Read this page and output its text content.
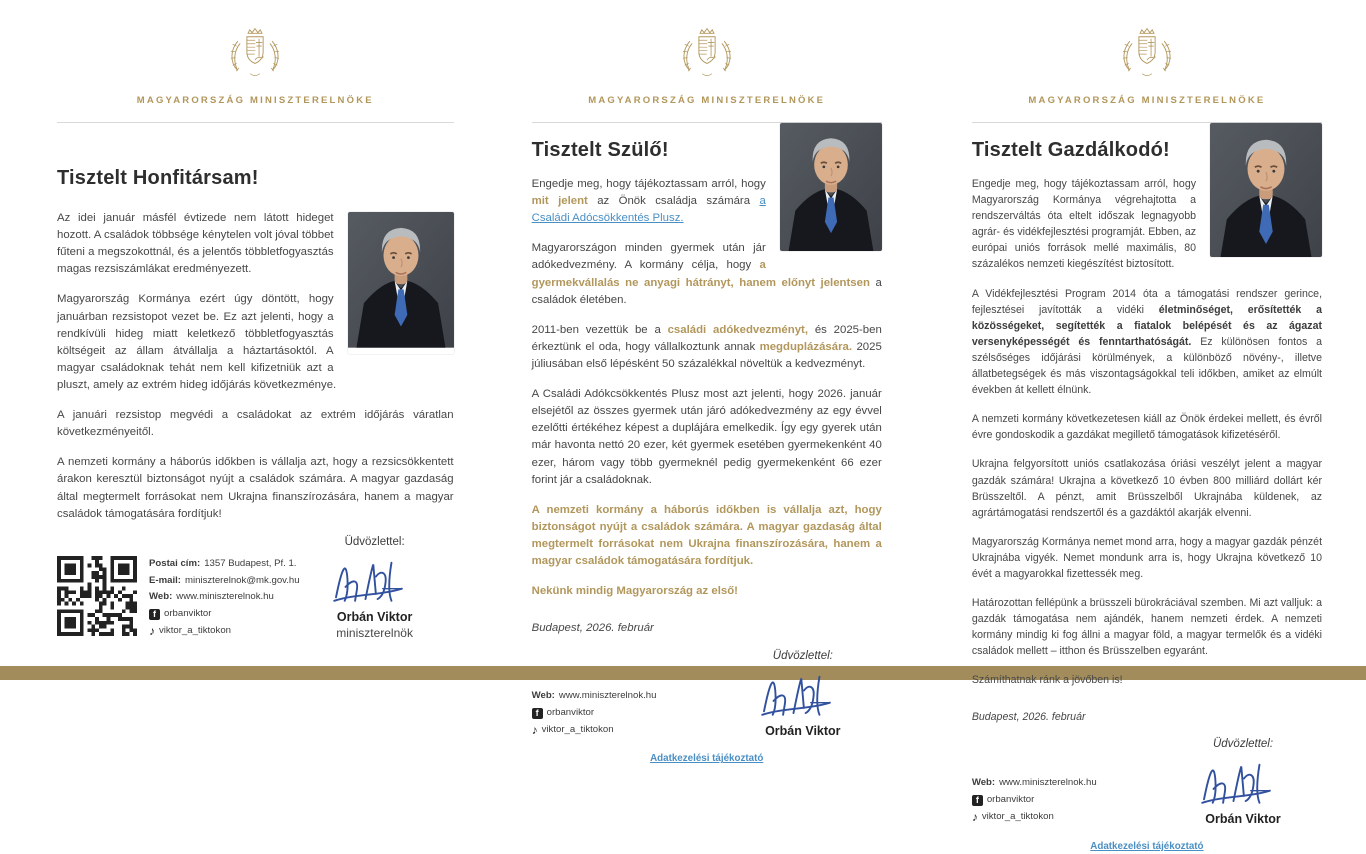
MAGYARORSZÁG MINISZTERELNÖKE
Tisztelt Honfitársam!

Az idei január másfél évtizede nem látott hideget hozott. A családok többsége kénytelen volt jóval többet fűteni a megszokottnál, és a jelentős többletfogyasztás magas rezsiszámlákat eredményezett.

Magyarország Kormánya ezért úgy döntött, hogy januárban rezsistopot vezet be. Ez azt jelenti, hogy a rendkívüli hideg miatt keletkező többletfogyasztás költségeit az állam átvállalja a háztartásoktól. A magyar családoknak tehát nem kell kifizetniük azt a pluszt, amely az extrém hideg időjárás következménye.

A januári rezsistop megvédi a családokat az extrém időjárás váratlan következményeitől.

A nemzeti kormány a háborús időkben is vállalja azt, hogy a rezsicsökkentett árakon keresztül biztonságot nyújt a családok számára. A magyar gazdaság által megtermelt forrásokat nem Ukrajna finanszírozására, hanem a magyar családok támogatására fordítjuk!

Postai cím: 1357 Budapest, Pf. 1.
E-mail: miniszterelnok@mk.gov.hu
Web: www.miniszterelnok.hu
f orbanviktor
♪ viktor_a_tiktokon
Üdvözlettel:
Orbán Viktor
miniszterelnök
MAGYARORSZÁG MINISZTERELNÖKE
Tisztelt Szülő!

Engedje meg, hogy tájékoztassam arról, hogy mit jelent az Önök családja számára a Családi Adócsökkentés Plusz.

Magyarországon minden gyermek után jár adókedvezmény. A kormány célja, hogy a gyermekvállalás ne anyagi hátrányt, hanem előnyt jelentsen a családok életében.

2011-ben vezettük be a családi adókedvezményt, és 2025-ben érkeztünk el oda, hogy vállalkoztunk annak megduplázására. 2025 júliusában első lépésként 50 százalékkal növeltük a kedvezményt.

A Családi Adókcsökkentés Plusz most azt jelenti, hogy 2026. január elsejétől az összes gyermek után járó adókedvezmény az egy évvel ezelőtti értékéhez képest a duplájára emelkedik. Így egy gyerek után már havonta nettó 20 ezer, két gyermek esetében gyermekenként 40 ezer, három vagy több gyermeknél pedig gyermekenként 66 ezer forint jár a családoknak.

A nemzeti kormány a háborús időkben is vállalja azt, hogy biztonságot nyújt a családok számára. A magyar gazdaság által megtermelt forrásokat nem Ukrajna finanszírozására, hanem a magyar családok támogatására fordítjuk.

Nekünk mindig Magyarország az első!

Budapest, 2026. február

Web: www.miniszterelnok.hu
f orbanviktor
♪ viktor_a_tiktokon
Üdvözlettel:
Orbán Viktor
Adatkezelési tájékoztató
MAGYARORSZÁG MINISZTERELNÖKE
Tisztelt Gazdálkodó!

Engedje meg, hogy tájékoztassam arról, hogy Magyarország Kormánya végrehajtotta a rendszerváltás óta eltelt időszak legnagyobb agrár- és vidékfejlesztési programját. Ebben, az európai uniós források mellé maximális, 80 százalékos nemzeti kiegészítést biztosított.

A Vidékfejlesztési Program 2014 óta a támogatási rendszer gerince, fejlesztései javították a vidéki életminőséget, erősítették a közösségeket, segítették a fiatalok belépését és az ágazat versenyképességét és fenntarthatóságát. Ez különösen fontos a szélsőséges időjárási körülmények, a különböző növény-, illetve állatbetegségek és más viszontagságokkal teli időkben, amiket az elmúlt években át kellett élnünk.

A nemzeti kormány következetesen kiáll az Önök érdekei mellett, és évről évre gondoskodik a gazdákat megillető támogatások kifizetéséről.

Ukrajna felgyorsított uniós csatlakozása óriási veszélyt jelent a magyar gazdák számára! Ukrajna a következő 10 évben 800 milliárd dollárt kér Brüsszeltől. A pénzt, amit Brüsszelből Ukrajnába küldenek, az agrártámogatási rendszertől és a gazdáktól akarják elvenni.

Magyarország Kormánya nemet mond arra, hogy a magyar gazdák pénzét Ukrajnába vigyék. Nemet mondunk arra is, hogy Ukrajna következő 10 évét a magyarokkal fizettessék meg.

Határozottan fellépünk a brüsszeli bürokráciával szemben. Mi azt valljuk: a gazdák támogatása nem ajándék, hanem nemzeti érdek. A nemzeti kormány mindig ki fog állni a magyar föld, a magyar termelők és a vidéki családok mellett – itthon és Brüsszelben egyaránt.

Számíthatnak ránk a jövőben is!

Budapest, 2026. február

Web: www.miniszterelnok.hu
f orbanviktor
♪ viktor_a_tiktokon
Üdvözlettel:
Orbán Viktor
Adatkezelési tájékoztató
